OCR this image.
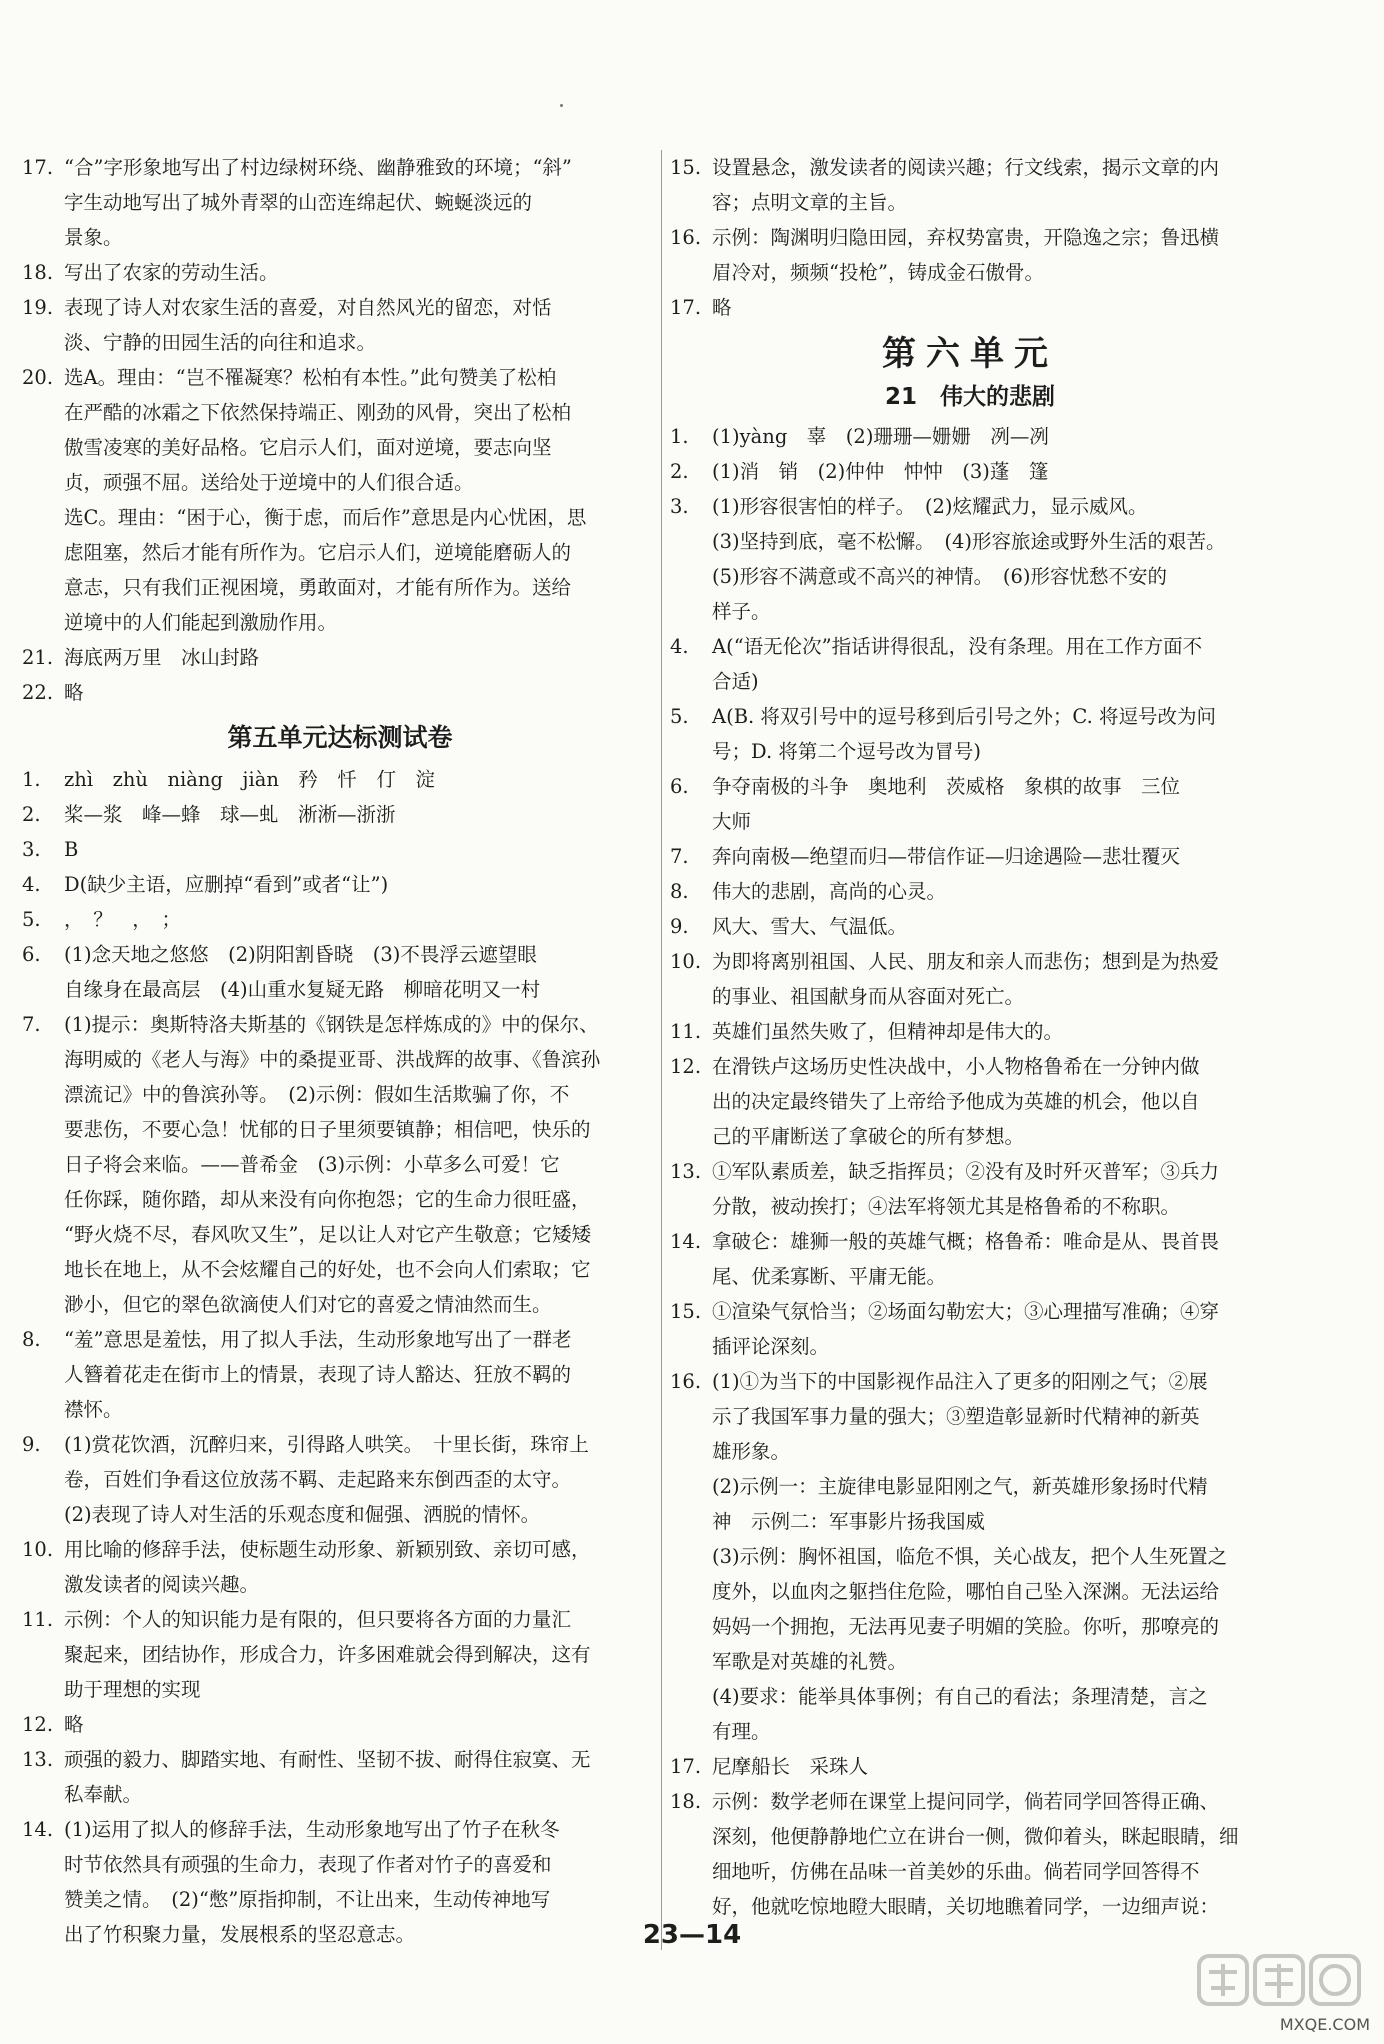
17. “合”字形象地写出了村边绿树环绕、幽静雅致的环境；“斜”
字生动地写出了城外青翠的山峦连绵起伏、蜿蜒淡远的
景象。
18. 写出了农家的劳动生活。
19. 表现了诗人对农家生活的喜爱，对自然风光的留恋，对恬
淡、宁静的田园生活的向往和追求。
20. 选A。理由：“岂不罹凝寒？松柏有本性。”此句赞美了松柏
在严酷的冰霜之下依然保持端正、刚劲的风骨，突出了松柏
傲雪凌寒的美好品格。它启示人们，面对逆境，要志向坚
贞，顽强不屈。送给处于逆境中的人们很合适。
选C。理由：“困于心，衡于虑，而后作”意思是内心忧困，思
虑阻塞，然后才能有所作为。它启示人们，逆境能磨砺人的
意志，只有我们正视困境，勇敢面对，才能有所作为。送给
逆境中的人们能起到激励作用。
21. 海底两万里　冰山封路
22. 略
第五单元达标测试卷
1.	zhì　zhù　niàng　jiàn　矜　忏　仃　淀
2.	桨—浆　峰—蜂　球—虬　淅淅—浙浙
3.	B
4.	D(缺少主语，应删掉“看到”或者“让”)
5.	，　？　，　；
6.	(1)念天地之悠悠　(2)阴阳割昏晓　(3)不畏浮云遮望眼
自缘身在最高层　(4)山重水复疑无路　柳暗花明又一村
7.	(1)提示：奥斯特洛夫斯基的《钢铁是怎样炼成的》中的保尔、
海明威的《老人与海》中的桑提亚哥、洪战辉的故事、《鲁滨孙
漂流记》中的鲁滨孙等。　(2)示例：假如生活欺骗了你，不
要悲伤，不要心急！忧郁的日子里须要镇静；相信吧，快乐的
日子将会来临。——普希金　(3)示例：小草多么可爱！它
任你踩，随你踏，却从来没有向你抱怨；它的生命力很旺盛，
“野火烧不尽，春风吹又生”，足以让人对它产生敬意；它矮矮
地长在地上，从不会炫耀自己的好处，也不会向人们索取；它
渺小，但它的翠色欲滴使人们对它的喜爱之情油然而生。
8.	“羞”意思是羞怯，用了拟人手法，生动形象地写出了一群老
人簪着花走在街市上的情景，表现了诗人豁达、狂放不羁的
襟怀。
9.	(1)赏花饮酒，沉醉归来，引得路人哄笑。　十里长街，珠帘上
卷，百姓们争看这位放荡不羁、走起路来东倒西歪的太守。
(2)表现了诗人对生活的乐观态度和倔强、洒脱的情怀。
10. 用比喻的修辞手法，使标题生动形象、新颖别致、亲切可感，
激发读者的阅读兴趣。
11. 示例：个人的知识能力是有限的，但只要将各方面的力量汇
聚起来，团结协作，形成合力，许多困难就会得到解决，这有
助于理想的实现
12. 略
13. 顽强的毅力、脚踏实地、有耐性、坚韧不拔、耐得住寂寞、无
私奉献。
14. (1)运用了拟人的修辞手法，生动形象地写出了竹子在秋冬
时节依然具有顽强的生命力，表现了作者对竹子的喜爱和
赞美之情。　(2)“憋”原指抑制，不让出来，生动传神地写
出了竹积聚力量，发展根系的坚忍意志。
15. 设置悬念，激发读者的阅读兴趣；行文线索，揭示文章的内
容；点明文章的主旨。
16. 示例：陶渊明归隐田园，弃权势富贵，开隐逸之宗；鲁迅横
眉冷对，频频“投枪”，铸成金石傲骨。
17. 略
第六单元
21　伟大的悲剧
1.	(1)yàng　辜　(2)珊珊—姗姗　冽—冽
2.	(1)消　销　(2)仲仲　忡忡　(3)蓬　篷
3.	(1)形容很害怕的样子。　(2)炫耀武力，显示威风。
(3)坚持到底，毫不松懈。　(4)形容旅途或野外生活的艰苦。
(5)形容不满意或不高兴的神情。　(6)形容忧愁不安的
样子。
4.	A(“语无伦次”指话讲得很乱，没有条理。用在工作方面不
合适)
5.	A(B. 将双引号中的逗号移到后引号之外；C. 将逗号改为问
号；D. 将第二个逗号改为冒号)
6.	争夺南极的斗争　奥地利　茨威格　象棋的故事　三位
大师
7.	奔向南极—绝望而归—带信作证—归途遇险—悲壮覆灭
8.	伟大的悲剧，高尚的心灵。
9.	风大、雪大、气温低。
10. 为即将离别祖国、人民、朋友和亲人而悲伤；想到是为热爱
的事业、祖国献身而从容面对死亡。
11. 英雄们虽然失败了，但精神却是伟大的。
12. 在滑铁卢这场历史性决战中，小人物格鲁希在一分钟内做
出的决定最终错失了上帝给予他成为英雄的机会，他以自
己的平庸断送了拿破仑的所有梦想。
13. ①军队素质差，缺乏指挥员；②没有及时歼灭普军；③兵力
分散，被动挨打；④法军将领尤其是格鲁希的不称职。
14. 拿破仑：雄狮一般的英雄气概；格鲁希：唯命是从、畏首畏
尾、优柔寡断、平庸无能。
15. ①渲染气氛恰当；②场面勾勒宏大；③心理描写准确；④穿
插评论深刻。
16. (1)①为当下的中国影视作品注入了更多的阳刚之气；②展
示了我国军事力量的强大；③塑造彰显新时代精神的新英
雄形象。
(2)示例一：主旋律电影显阳刚之气，新英雄形象扬时代精
神　示例二：军事影片扬我国威
(3)示例：胸怀祖国，临危不惧，关心战友，把个人生死置之
度外，以血肉之躯挡住危险，哪怕自己坠入深渊。无法运给
妈妈一个拥抱，无法再见妻子明媚的笑脸。你听，那嘹亮的
军歌是对英雄的礼赞。
(4)要求：能举具体事例；有自己的看法；条理清楚，言之
有理。
17. 尼摩船长　采珠人
18. 示例：数学老师在课堂上提问同学，倘若同学回答得正确、
深刻，他便静静地伫立在讲台一侧，微仰着头，眯起眼睛，细
细地听，仿佛在品味一首美妙的乐曲。倘若同学回答得不
好，他就吃惊地瞪大眼睛，关切地瞧着同学，一边细声说：
23—14
MXQE.COM
